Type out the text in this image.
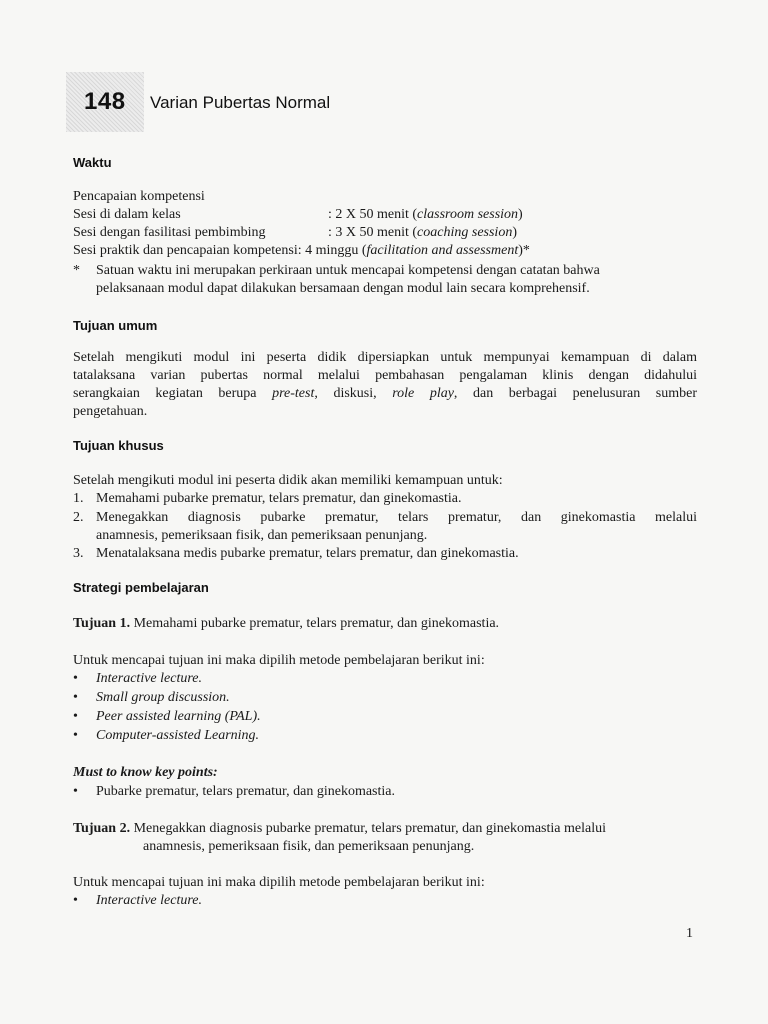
148 Varian Pubertas Normal
Waktu
Pencapaian kompetensi
Sesi di dalam kelas	: 2 X 50 menit (classroom session)
Sesi dengan fasilitasi pembimbing	: 3 X 50 menit (coaching session)
Sesi praktik dan pencapaian kompetensi: 4 minggu (facilitation and assessment)*
* Satuan waktu ini merupakan perkiraan untuk mencapai kompetensi dengan catatan bahwa
pelaksanaan modul dapat dilakukan bersamaan dengan modul lain secara komprehensif.
Tujuan umum
Setelah mengikuti modul ini peserta didik dipersiapkan untuk mempunyai kemampuan di dalam
tatalaksana varian pubertas normal melalui pembahasan pengalaman klinis dengan didahului
serangkaian kegiatan berupa pre-test, diskusi, role play, dan berbagai penelusuran sumber
pengetahuan.
Tujuan khusus
Setelah mengikuti modul ini peserta didik akan memiliki kemampuan untuk:
1. Memahami pubarke prematur, telars prematur, dan ginekomastia.
2. Menegakkan diagnosis pubarke prematur, telars prematur, dan ginekomastia melalui
anamnesis, pemeriksaan fisik, dan pemeriksaan penunjang.
3. Menatalaksana medis pubarke prematur, telars prematur, dan ginekomastia.
Strategi pembelajaran
Tujuan 1. Memahami pubarke prematur, telars prematur, dan ginekomastia.
Untuk mencapai tujuan ini maka dipilih metode pembelajaran berikut ini:
• Interactive lecture.
• Small group discussion.
• Peer assisted learning (PAL).
• Computer-assisted Learning.
Must to know key points:
• Pubarke prematur, telars prematur, dan ginekomastia.
Tujuan 2. Menegakkan diagnosis pubarke prematur, telars prematur, dan ginekomastia melalui
anamnesis, pemeriksaan fisik, dan pemeriksaan penunjang.
Untuk mencapai tujuan ini maka dipilih metode pembelajaran berikut ini:
• Interactive lecture.
1
